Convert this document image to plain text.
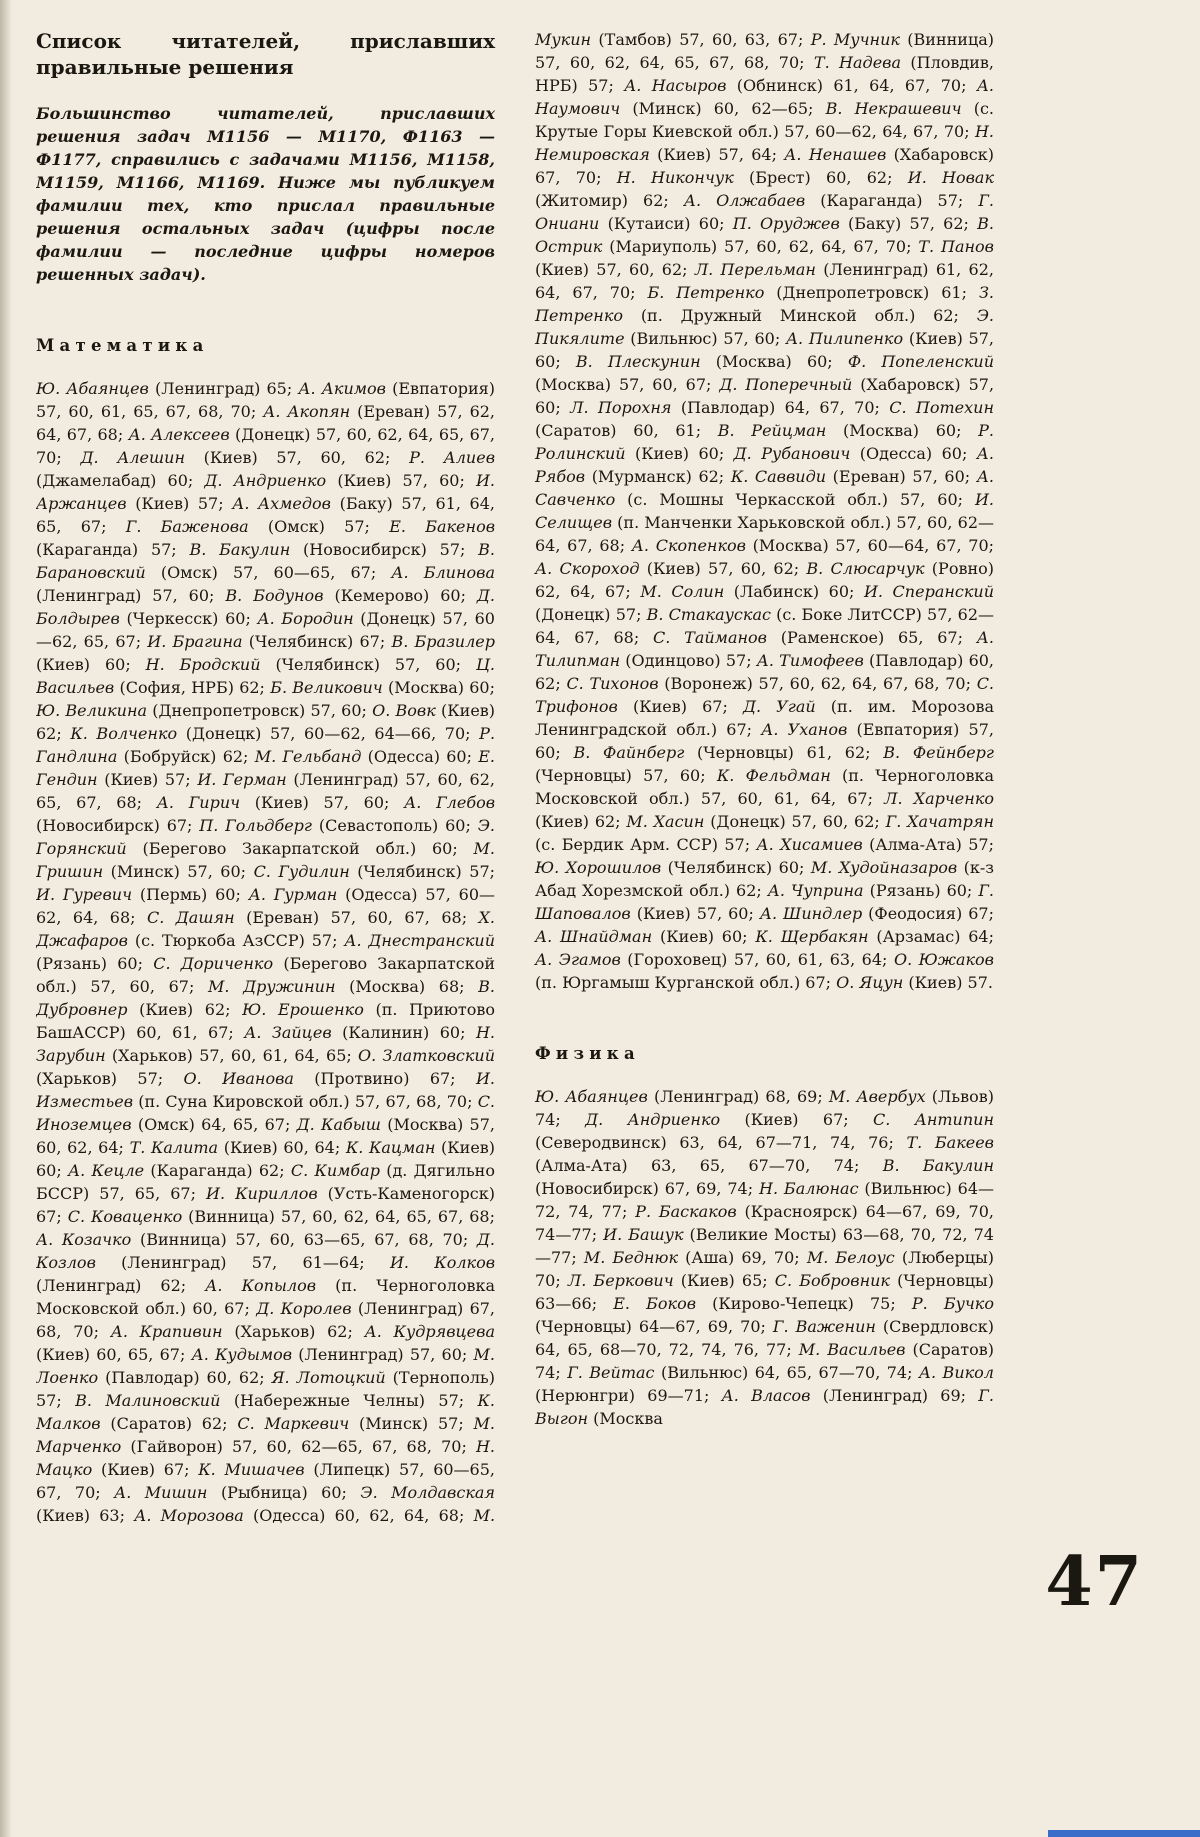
Список читателей, приславших правильные решения

Большинство читателей, приславших решения задач М1156 — М1170, Ф1163 — Ф1177, справились с задачами М1156, М1158, М1159, М1166, М1169. Ниже мы публикуем фамилии тех, кто прислал правильные решения остальных задач (цифры после фамилии — последние цифры номеров решенных задач).

Математика

Ю. Абаянцев (Ленинград) 65; А. Акимов (Евпатория) 57, 60, 61, 65, 67, 68, 70; А. Акопян (Ереван) 57, 62, 64, 67, 68; А. Алексеев (Донецк) 57, 60, 62, 64, 65, 67, 70; Д. Алешин (Киев) 57, 60, 62; Р. Алиев (Джамелабад) 60; Д. Андриенко (Киев) 57, 60; И. Аржанцев (Киев) 57; А. Ахмедов (Баку) 57, 61, 64, 65, 67; Г. Баженова (Омск) 57; Е. Бакенов (Караганда) 57; В. Бакулин (Новосибирск) 57; В. Барановский (Омск) 57, 60—65, 67; А. Блинова (Ленинград) 57, 60; В. Бодунов (Кемерово) 60; Д. Болдырев (Черкесск) 60; А. Бородин (Донецк) 57, 60—62, 65, 67; И. Брагина (Челябинск) 67; В. Бразилер (Киев) 60; Н. Бродский (Челябинск) 57, 60; Ц. Васильев (София, НРБ) 62; Б. Великович (Москва) 60; Ю. Великина (Днепропетровск) 57, 60; О. Вовк (Киев) 62; К. Волченко (Донецк) 57, 60—62, 64—66, 70; Р. Гандлина (Бобруйск) 62; М. Гельбанд (Одесса) 60; Е. Гендин (Киев) 57; И. Герман (Ленинград) 57, 60, 62, 65, 67, 68; А. Гирич (Киев) 57, 60; А. Глебов (Новосибирск) 67; П. Гольдберг (Севастополь) 60; Э. Горянский (Берегово Закарпатской обл.) 60; М. Гришин (Минск) 57, 60; С. Гудилин (Челябинск) 57; И. Гуревич (Пермь) 60; А. Гурман (Одесса) 57, 60—62, 64, 68; С. Дашян (Ереван) 57, 60, 67, 68; Х. Джафаров (с. Тюркоба АзССР) 57; А. Днестранский (Рязань) 60; С. Дориченко (Берегово Закарпатской обл.) 57, 60, 67; М. Дружинин (Москва) 68; В. Дубровнер (Киев) 62; Ю. Ерошенко (п. Приютово БашАССР) 60, 61, 67; А. Зайцев (Калинин) 60; Н. Зарубин (Харьков) 57, 60, 61, 64, 65; О. Златковский (Харьков) 57; О. Иванова (Протвино) 67; И. Изместьев (п. Суна Кировской обл.) 57, 67, 68, 70; С. Иноземцев (Омск) 64, 65, 67; Д. Кабыш (Москва) 57, 60, 62, 64; Т. Калита (Киев) 60, 64; К. Кацман (Киев) 60; А. Кецле (Караганда) 62; С. Кимбар (д. Дягильно БССР) 57, 65, 67; И. Кириллов (Усть-Каменогорск) 67; С. Коваценко (Винница) 57, 60, 62, 64, 65, 67, 68; А. Козачко (Винница) 57, 60, 63—65, 67, 68, 70; Д. Козлов (Ленинград) 57, 61—64; И. Колков (Ленинград) 62; А. Копылов (п. Черноголовка Московской обл.) 60, 67; Д. Королев (Ленинград) 67, 68, 70; А. Крапивин (Харьков) 62; А. Кудрявцева (Киев) 60, 65, 67; А. Кудымов (Ленинград) 57, 60; М. Лоенко (Павлодар) 60, 62; Я. Лотоцкий (Тернополь) 57; В. Малиновский (Набережные Челны) 57; К. Малков (Саратов) 62; С. Маркевич (Минск) 57; М. Марченко (Гайворон) 57, 60, 62—65, 67, 68, 70; Н. Мацко (Киев) 67; К. Мишачев (Липецк) 57, 60—65, 67, 70; А. Мишин (Рыбница) 60; Э. Молдавская (Киев) 63; А. Морозова (Одесса) 60, 62, 64, 68; М. Мукин (Тамбов) 57, 60, 63, 67; Р. Мучник (Винница) 57, 60, 62, 64, 65, 67, 68, 70; Т. Надева (Пловдив, НРБ) 57; А. Насыров (Обнинск) 61, 64, 67, 70; А. Наумович (Минск) 60, 62—65; В. Некрашевич (с. Крутые Горы Киевской обл.) 57, 60—62, 64, 67, 70; Н. Немировская (Киев) 57, 64; А. Ненашев (Хабаровск) 67, 70; Н. Никончук (Брест) 60, 62; И. Новак (Житомир) 62; А. Олжабаев (Караганда) 57; Г. Ониани (Кутаиси) 60; П. Оруджев (Баку) 57, 62; В. Острик (Мариуполь) 57, 60, 62, 64, 67, 70; Т. Панов (Киев) 57, 60, 62; Л. Перельман (Ленинград) 61, 62, 64, 67, 70; Б. Петренко (Днепропетровск) 61; З. Петренко (п. Дружный Минской обл.) 62; Э. Пикялите (Вильнюс) 57, 60; А. Пилипенко (Киев) 57, 60; В. Плескунин (Москва) 60; Ф. Попеленский (Москва) 57, 60, 67; Д. Поперечный (Хабаровск) 57, 60; Л. Порохня (Павлодар) 64, 67, 70; С. Потехин (Саратов) 60, 61; В. Рейцман (Москва) 60; Р. Ролинский (Киев) 60; Д. Рубанович (Одесса) 60; А. Рябов (Мурманск) 62; К. Саввиди (Ереван) 57, 60; А. Савченко (с. Мошны Черкасской обл.) 57, 60; И. Селищев (п. Манченки Харьковской обл.) 57, 60, 62—64, 67, 68; А. Скопенков (Москва) 57, 60—64, 67, 70; А. Скороход (Киев) 57, 60, 62; В. Слюсарчук (Ровно) 62, 64, 67; М. Солин (Лабинск) 60; И. Сперанский (Донецк) 57; В. Стакаускас (с. Боке ЛитССР) 57, 62—64, 67, 68; С. Тайманов (Раменское) 65, 67; А. Тилипман (Одинцово) 57; А. Тимофеев (Павлодар) 60, 62; С. Тихонов (Воронеж) 57, 60, 62, 64, 67, 68, 70; С. Трифонов (Киев) 67; Д. Угай (п. им. Морозова Ленинградской обл.) 67; А. Уханов (Евпатория) 57, 60; В. Файнберг (Черновцы) 61, 62; В. Фейнберг (Черновцы) 57, 60; К. Фельдман (п. Черноголовка Московской обл.) 57, 60, 61, 64, 67; Л. Харченко (Киев) 62; М. Хасин (Донецк) 57, 60, 62; Г. Хачатрян (с. Бердик Арм. ССР) 57; А. Хисамиев (Алма-Ата) 57; Ю. Хорошилов (Челябинск) 60; М. Худойназаров (к-з Абад Хорезмской обл.) 62; А. Чуприна (Рязань) 60; Г. Шаповалов (Киев) 57, 60; А. Шиндлер (Феодосия) 67; А. Шнайдман (Киев) 60; К. Щербакян (Арзамас) 64; А. Эгамов (Гороховец) 57, 60, 61, 63, 64; О. Южаков (п. Юргамыш Курганской обл.) 67; О. Яцун (Киев) 57.

Физика

Ю. Абаянцев (Ленинград) 68, 69; М. Авербух (Львов) 74; Д. Андриенко (Киев) 67; С. Антипин (Северодвинск) 63, 64, 67—71, 74, 76; Т. Бакеев (Алма-Ата) 63, 65, 67—70, 74; В. Бакулин (Новосибирск) 67, 69, 74; Н. Балюнас (Вильнюс) 64—72, 74, 77; Р. Баскаков (Красноярск) 64—67, 69, 70, 74—77; И. Башук (Великие Мосты) 63—68, 70, 72, 74—77; М. Беднюк (Аша) 69, 70; М. Белоус (Люберцы) 70; Л. Беркович (Киев) 65; С. Бобровник (Черновцы) 63—66; Е. Боков (Кирово-Чепецк) 75; Р. Бучко (Черновцы) 64—67, 69, 70; Г. Важенин (Свердловск) 64, 65, 68—70, 72, 74, 76, 77; М. Васильев (Саратов) 74; Г. Вейтас (Вильнюс) 64, 65, 67—70, 74; А. Викол (Нерюнгри) 69—71; А. Власов (Ленинград) 69; Г. Выгон (Москва

47
